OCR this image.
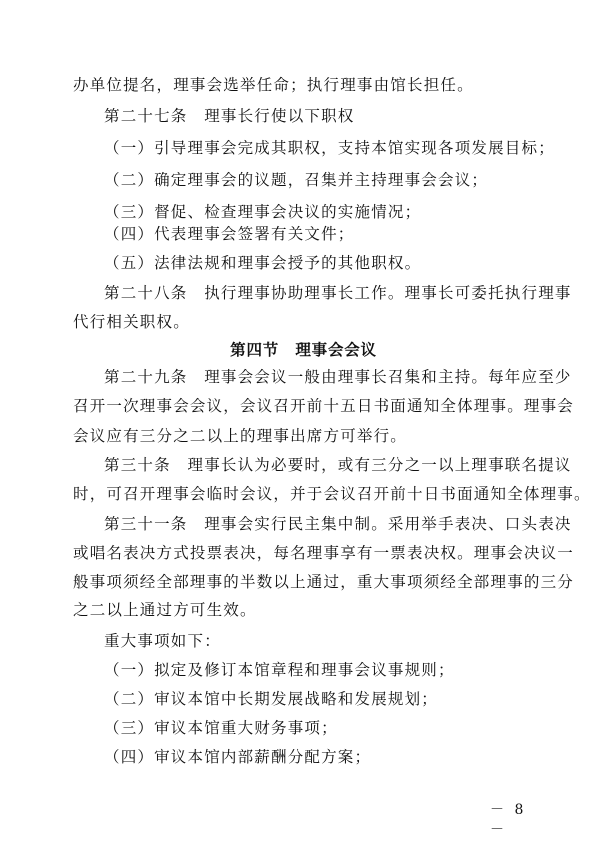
办单位提名，理事会选举任命；执行理事由馆长担任。
第二十七条　理事长行使以下职权
（一）引导理事会完成其职权，支持本馆实现各项发展目标；
（二）确定理事会的议题，召集并主持理事会会议；
（三）督促、检查理事会决议的实施情况；
（四）代表理事会签署有关文件；
（五）法律法规和理事会授予的其他职权。
第二十八条　执行理事协助理事长工作。理事长可委托执行理事
代行相关职权。
第四节　理事会会议
第二十九条　理事会会议一般由理事长召集和主持。每年应至少
召开一次理事会会议，会议召开前十五日书面通知全体理事。理事会
会议应有三分之二以上的理事出席方可举行。
第三十条　理事长认为必要时，或有三分之一以上理事联名提议
时，可召开理事会临时会议，并于会议召开前十日书面通知全体理事。
第三十一条　理事会实行民主集中制。采用举手表决、口头表决
或唱名表决方式投票表决，每名理事享有一票表决权。理事会决议一
般事项须经全部理事的半数以上通过，重大事项须经全部理事的三分
之二以上通过方可生效。
重大事项如下：
（一）拟定及修订本馆章程和理事会议事规则；
（二）审议本馆中长期发展战略和发展规划；
（三）审议本馆重大财务事项；
（四）审议本馆内部薪酬分配方案；
－ 8 －
